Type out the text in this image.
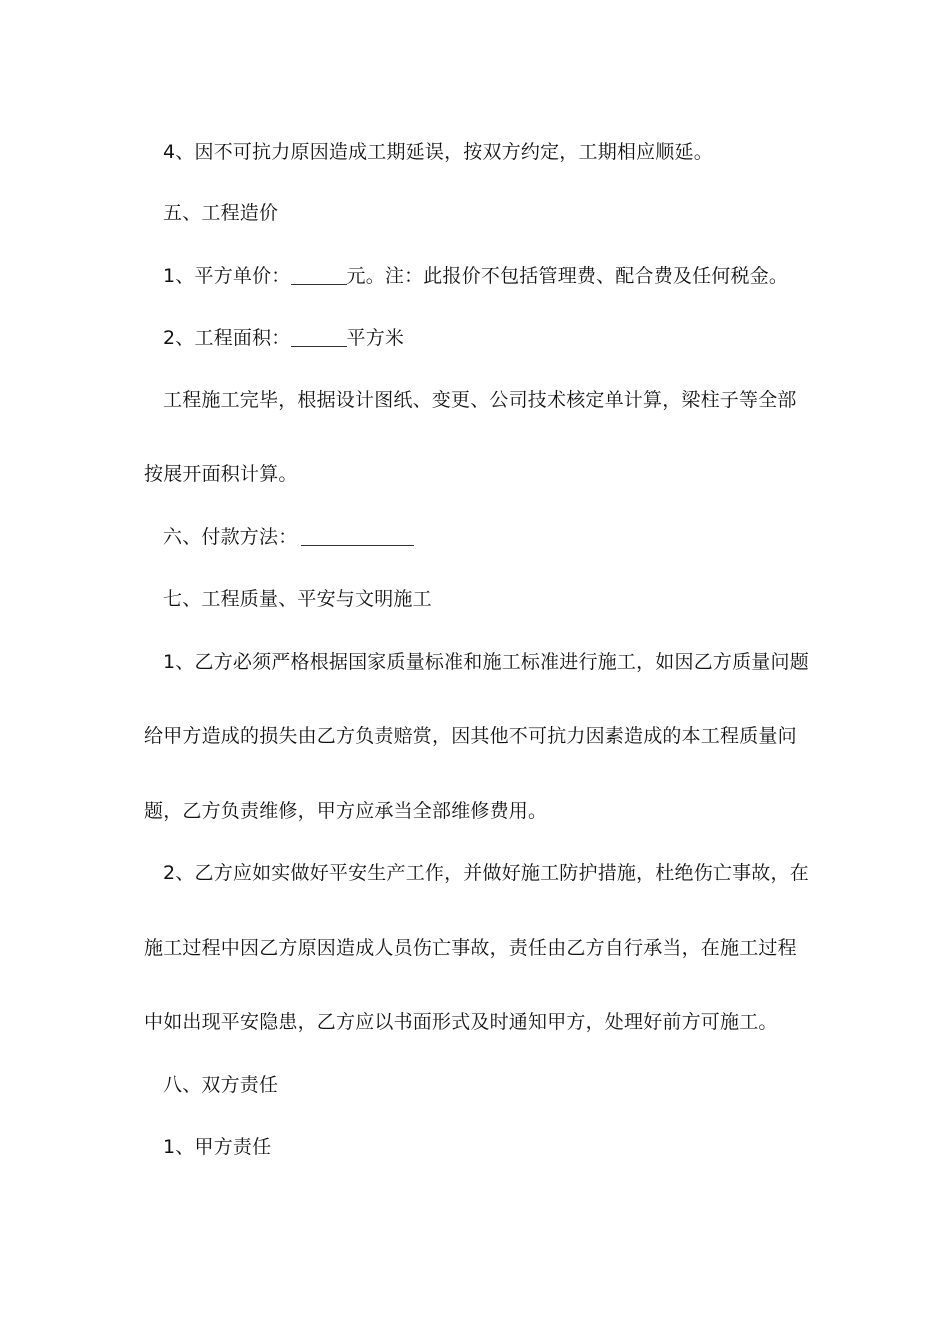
4、因不可抗力原因造成工期延误，按双方约定，工期相应顺延。
五、工程造价
1、平方单价：	元。注：此报价不包括管理费、配合费及任何税金。
2、工程面积：	平方米
工程施工完毕，根据设计图纸、变更、公司技术核定单计算，梁柱子等全部
按展开面积计算。
六、付款方法：
七、工程质量、平安与文明施工
1、乙方必须严格根据国家质量标准和施工标准进行施工，如因乙方质量问题
给甲方造成的损失由乙方负责赔赏，因其他不可抗力因素造成的本工程质量问
题，乙方负责维修，甲方应承当全部维修费用。
2、乙方应如实做好平安生产工作，并做好施工防护措施，杜绝伤亡事故，在
施工过程中因乙方原因造成人员伤亡事故，责任由乙方自行承当，在施工过程
中如出现平安隐患，乙方应以书面形式及时通知甲方，处理好前方可施工。
八、双方责任
1、甲方责任
